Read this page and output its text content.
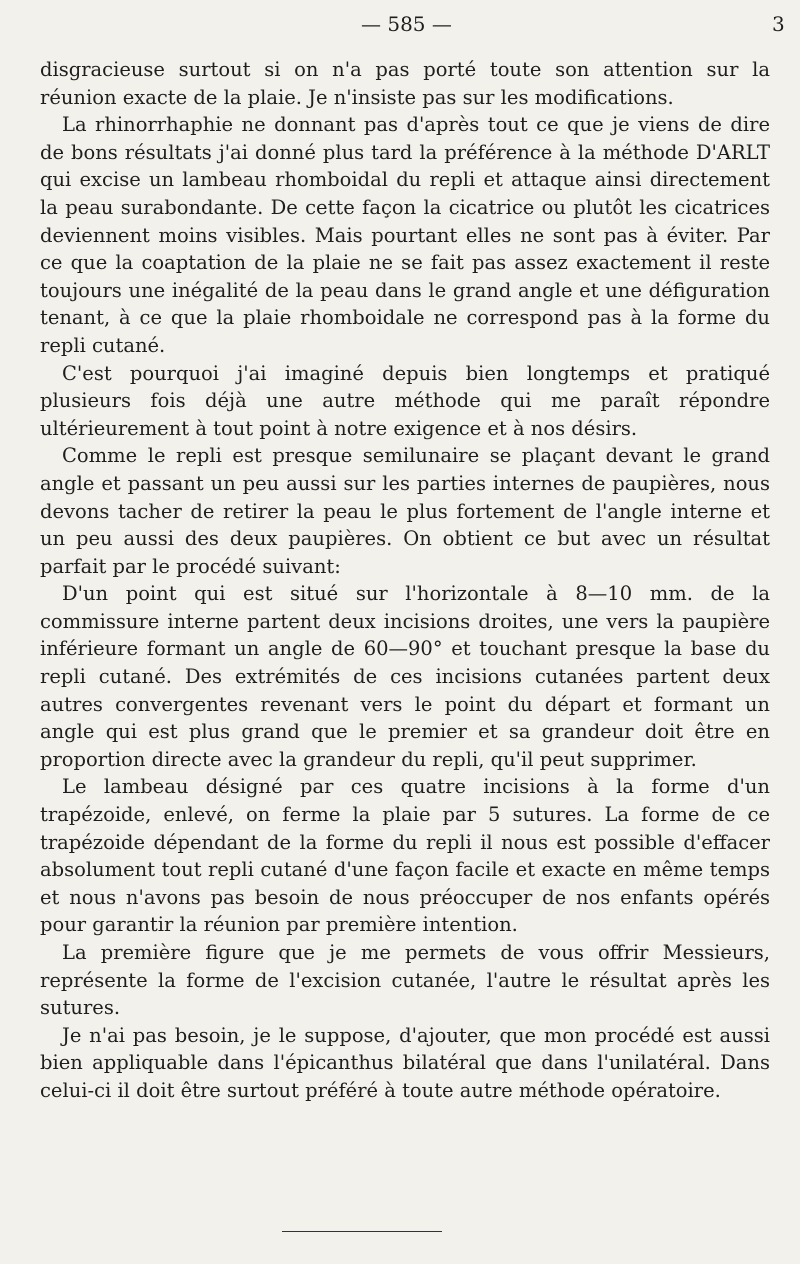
— 585 —	3

disgracieuse surtout si on n'a pas porté toute son attention sur la réunion exacte de la plaie. Je n'insiste pas sur les modifications.

La rhinorrhaphie ne donnant pas d'après tout ce que je viens de dire de bons résultats j'ai donné plus tard la préférence à la méthode D'ARLT qui excise un lambeau rhomboidal du repli et attaque ainsi directement la peau surabondante. De cette façon la cicatrice ou plutôt les cicatrices deviennent moins visibles. Mais pourtant elles ne sont pas à éviter. Par ce que la coaptation de la plaie ne se fait pas assez exactement il reste toujours une inégalité de la peau dans le grand angle et une défiguration tenant, à ce que la plaie rhomboidale ne correspond pas à la forme du repli cutané.

C'est pourquoi j'ai imaginé depuis bien longtemps et pratiqué plusieurs fois déjà une autre méthode qui me paraît répondre ultérieurement à tout point à notre exigence et à nos désirs.

Comme le repli est presque semilunaire se plaçant devant le grand angle et passant un peu aussi sur les parties internes de paupières, nous devons tacher de retirer la peau le plus fortement de l'angle interne et un peu aussi des deux paupières. On obtient ce but avec un résultat parfait par le procédé suivant:

D'un point qui est situé sur l'horizontale à 8—10 mm. de la commissure interne partent deux incisions droites, une vers la paupière inférieure formant un angle de 60—90° et touchant presque la base du repli cutané. Des extrémités de ces incisions cutanées partent deux autres convergentes revenant vers le point du départ et formant un angle qui est plus grand que le premier et sa grandeur doit être en proportion directe avec la grandeur du repli, qu'il peut supprimer.

Le lambeau désigné par ces quatre incisions à la forme d'un trapézoide, enlevé, on ferme la plaie par 5 sutures. La forme de ce trapézoide dépendant de la forme du repli il nous est possible d'effacer absolument tout repli cutané d'une façon facile et exacte en même temps et nous n'avons pas besoin de nous préoccuper de nos enfants opérés pour garantir la réunion par première intention.

La première figure que je me permets de vous offrir Messieurs, représente la forme de l'excision cutanée, l'autre le résultat après les sutures.

Je n'ai pas besoin, je le suppose, d'ajouter, que mon procédé est aussi bien appliquable dans l'épicanthus bilatéral que dans l'unilatéral. Dans celui-ci il doit être surtout préféré à toute autre méthode opératoire.
